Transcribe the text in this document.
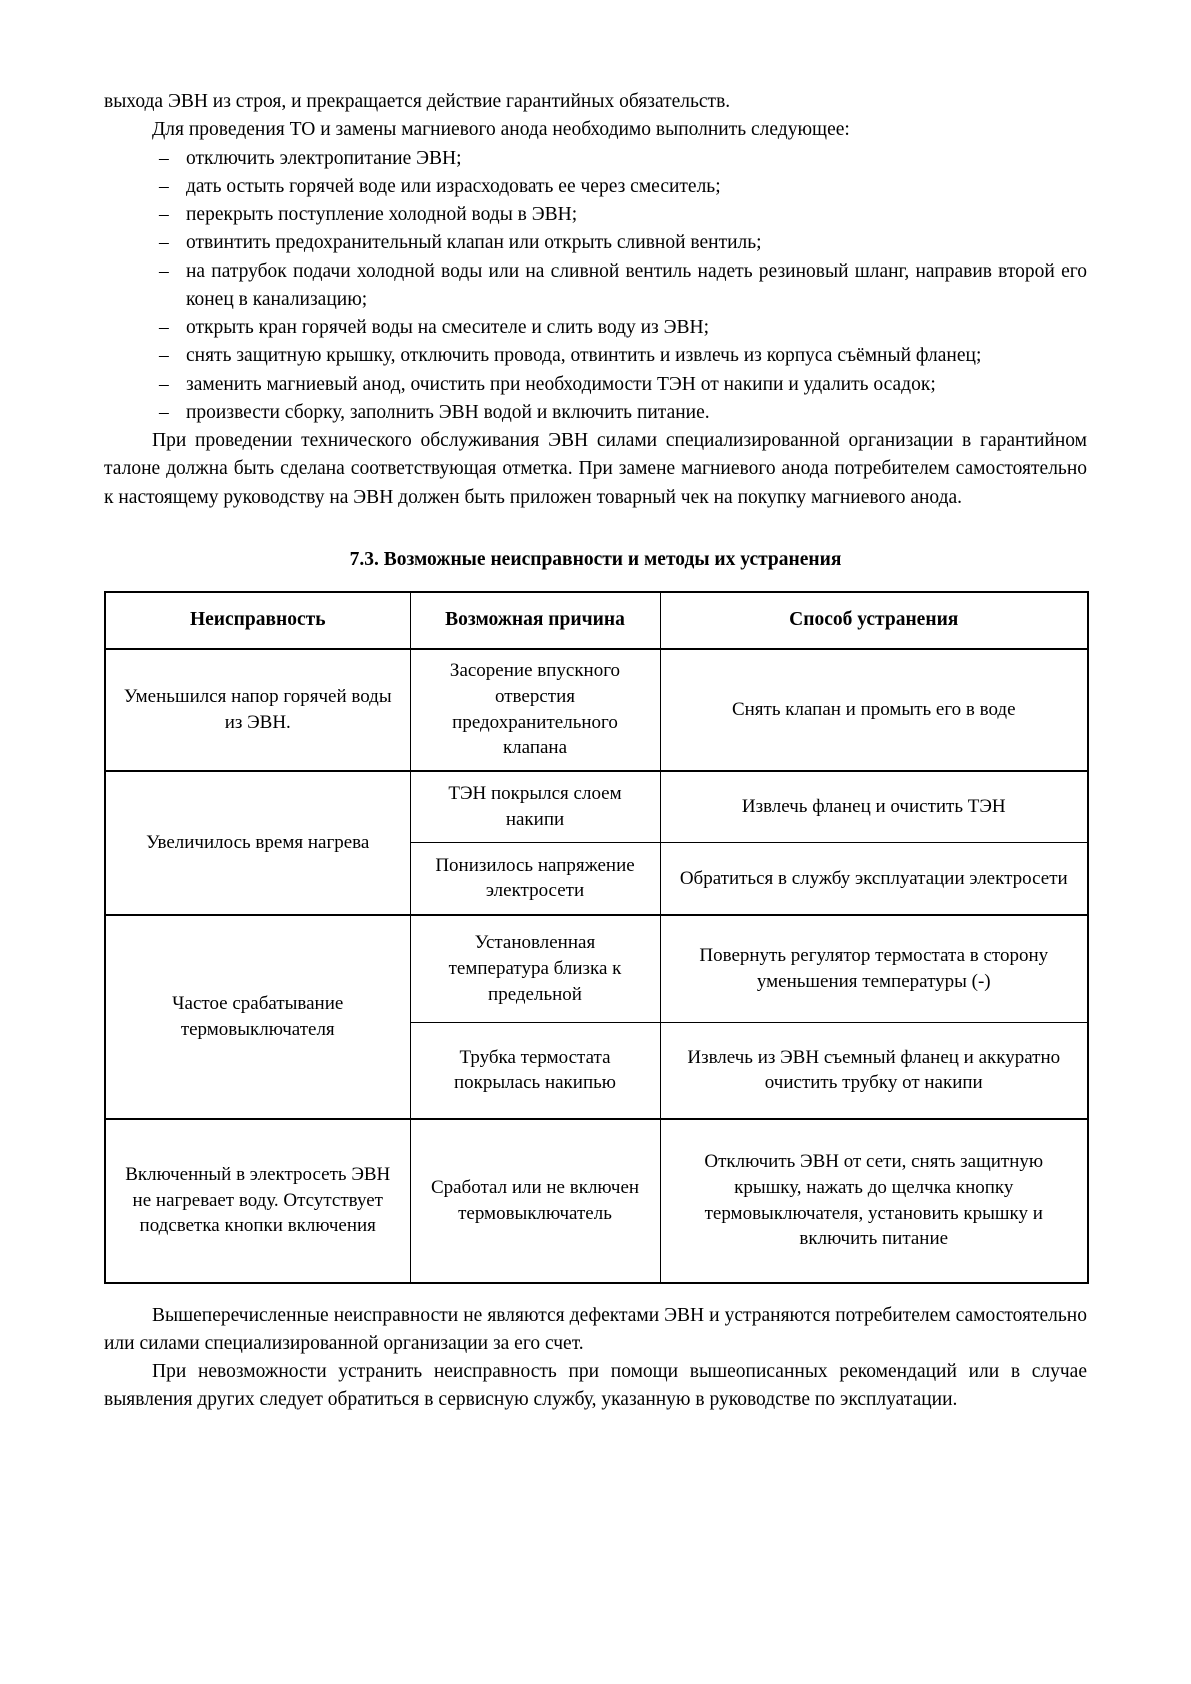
выхода ЭВН из строя, и прекращается действие гарантийных обязательств.

Для проведения ТО и замены магниевого анода необходимо выполнить следующее:

– отключить электропитание ЭВН;
– дать остыть горячей воде или израсходовать ее через смеситель;
– перекрыть поступление холодной воды в ЭВН;
– отвинтить предохранительный клапан или открыть сливной вентиль;
– на патрубок подачи холодной воды или на сливной вентиль надеть резиновый шланг, направив второй его конец в канализацию;
– открыть кран горячей воды на смесителе и слить воду из ЭВН;
– снять защитную крышку, отключить провода, отвинтить и извлечь из корпуса съёмный фланец;
– заменить магниевый анод, очистить при необходимости ТЭН от накипи и удалить осадок;
– произвести сборку, заполнить ЭВН водой и включить питание.

При проведении технического обслуживания ЭВН силами специализированной организации в гарантийном талоне должна быть сделана соответствующая отметка. При замене магниевого анода потребителем самостоятельно к настоящему руководству на ЭВН должен быть приложен товарный чек на покупку магниевого анода.

7.3. Возможные неисправности и методы их устранения
Неисправность	Возможная причина	Способ устранения
Уменьшился напор горячей воды из ЭВН.	Засорение впускного отверстия предохранительного клапана	Снять клапан и промыть его в воде
Увеличилось время нагрева	ТЭН покрылся слоем накипи	Извлечь фланец и очистить ТЭН
	Понизилось напряжение электросети	Обратиться в службу эксплуатации электросети
Частое срабатывание термовыключателя	Установленная температура близка к предельной	Повернуть регулятор термостата в сторону уменьшения температуры (-)
	Трубка термостата покрылась накипью	Извлечь из ЭВН съемный фланец и аккуратно очистить трубку от накипи
Включенный в электросеть ЭВН не нагревает воду. Отсутствует подсветка кнопки включения	Сработал или не включен термовыключатель	Отключить ЭВН от сети, снять защитную крышку, нажать до щелчка кнопку термовыключателя, установить крышку и включить питание

Вышеперечисленные неисправности не являются дефектами ЭВН и устраняются потребителем самостоятельно или силами специализированной организации за его счет.

При невозможности устранить неисправность при помощи вышеописанных рекомендаций или в случае выявления других следует обратиться в сервисную службу, указанную в руководстве по эксплуатации.
